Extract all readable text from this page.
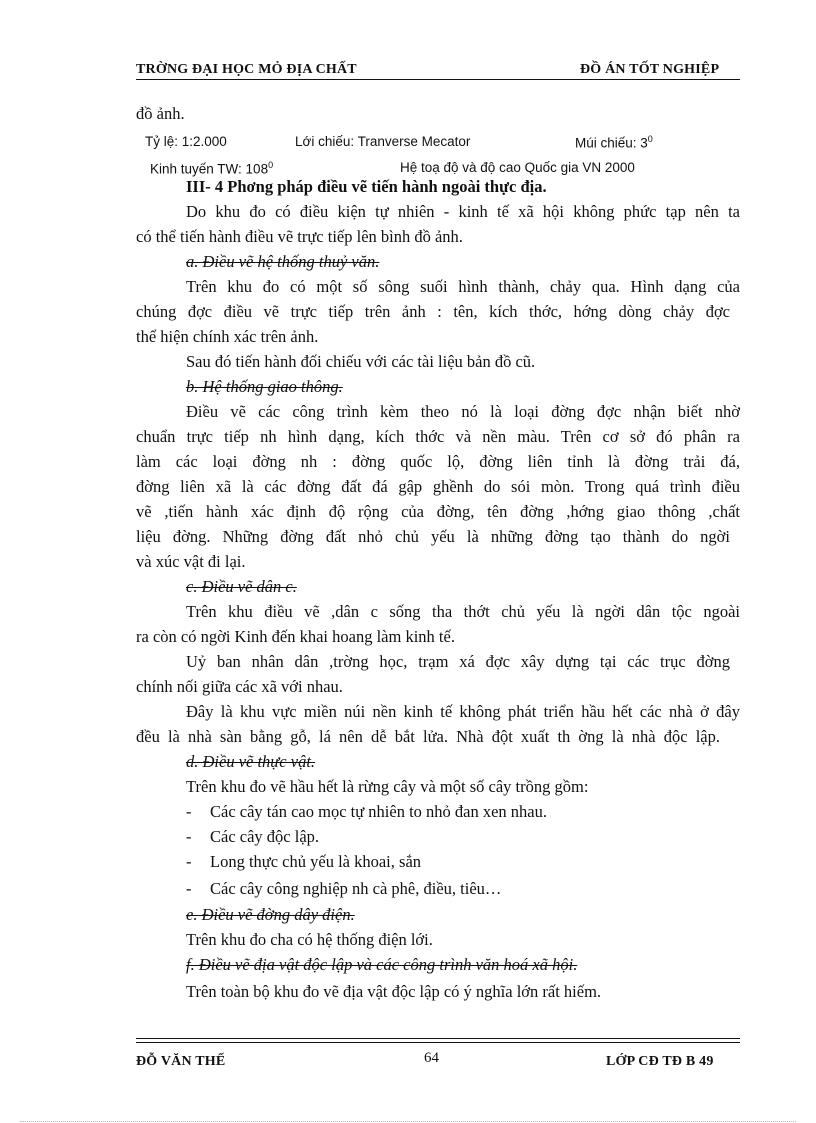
TRỜNG ĐẠI HỌC MỎ ĐỊA CHẤT	ĐỒ ÁN TỐT NGHIỆP
đồ ảnh.
Tỷ lệ: 1:2.000	Lới chiếu: Tranverse Mecator	Múi chiếu: $3^0$
Kinh tuyến TW: $108^0$	Hệ toạ độ và độ cao Quốc gia VN 2000
III- 4 Phơng pháp điều vẽ tiến hành ngoài thực địa.
Do khu đo có điều kiện tự nhiên - kinh tế xã hội không phức tạp nên ta
có thể tiến hành điều vẽ trực tiếp lên bình đồ ảnh.
a. Điều vẽ hệ thống thuỷ văn.
Trên khu đo có một số sông suối hình thành, chảy qua. Hình dạng của
chúng đợc điều vẽ trực tiếp trên ảnh : tên, kích thớc, hớng dòng chảy đợc
thể hiện chính xác trên ảnh.
Sau đó tiến hành đối chiếu với các tài liệu bản đồ cũ.
b. Hệ thống giao thông.
Điều vẽ các công trình kèm theo nó là loại đờng đợc nhận biết nhờ
chuẩn trực tiếp nh hình dạng, kích thớc và nền màu. Trên cơ sở đó phân ra
làm các loại đờng nh : đờng quốc lộ, đờng liên tỉnh là đờng trải đá,
đờng liên xã là các đờng đất đá gập ghềnh do sói mòn. Trong quá trình điều
vẽ ,tiến hành xác định độ rộng của đờng, tên đờng ,hớng giao thông ,chất
liệu đờng. Những đờng đất nhỏ chủ yếu là những đờng tạo thành do ngời
và xúc vật đi lại.
c. Điều vẽ dân c.
Trên khu điều vẽ ,dân c sống tha thớt chủ yếu là ngời dân tộc ngoài
ra còn có ngời Kinh đến khai hoang làm kinh tế.
Uỷ ban nhân dân ,trờng học, trạm xá đợc xây dựng tại các trục đờng
chính nối giữa các xã với nhau.
Đây là khu vực miền núi nền kinh tế không phát triển hầu hết các nhà ở đây
đều là nhà sàn bằng gỗ, lá nên dễ bắt lửa. Nhà đột xuất th ờng là nhà độc lập.
d. Điều vẽ thực vật.
Trên khu đo vẽ hầu hết là rừng cây và một số cây trồng gồm:
- Các cây tán cao mọc tự nhiên to nhỏ đan xen nhau.
- Các cây độc lập.
- Long thực chủ yếu là khoai, sắn
- Các cây công nghiệp nh cà phê, điều, tiêu…
e. Điều vẽ đờng dây điện.
Trên khu đo cha có hệ thống điện lới.
f. Điều vẽ địa vật độc lập và các công trình văn hoá xã hội.
Trên toàn bộ khu đo vẽ địa vật độc lập có ý nghĩa lớn rất hiếm.
ĐỖ VĂN THẾ	64	LỚP CĐ TĐ B 49
